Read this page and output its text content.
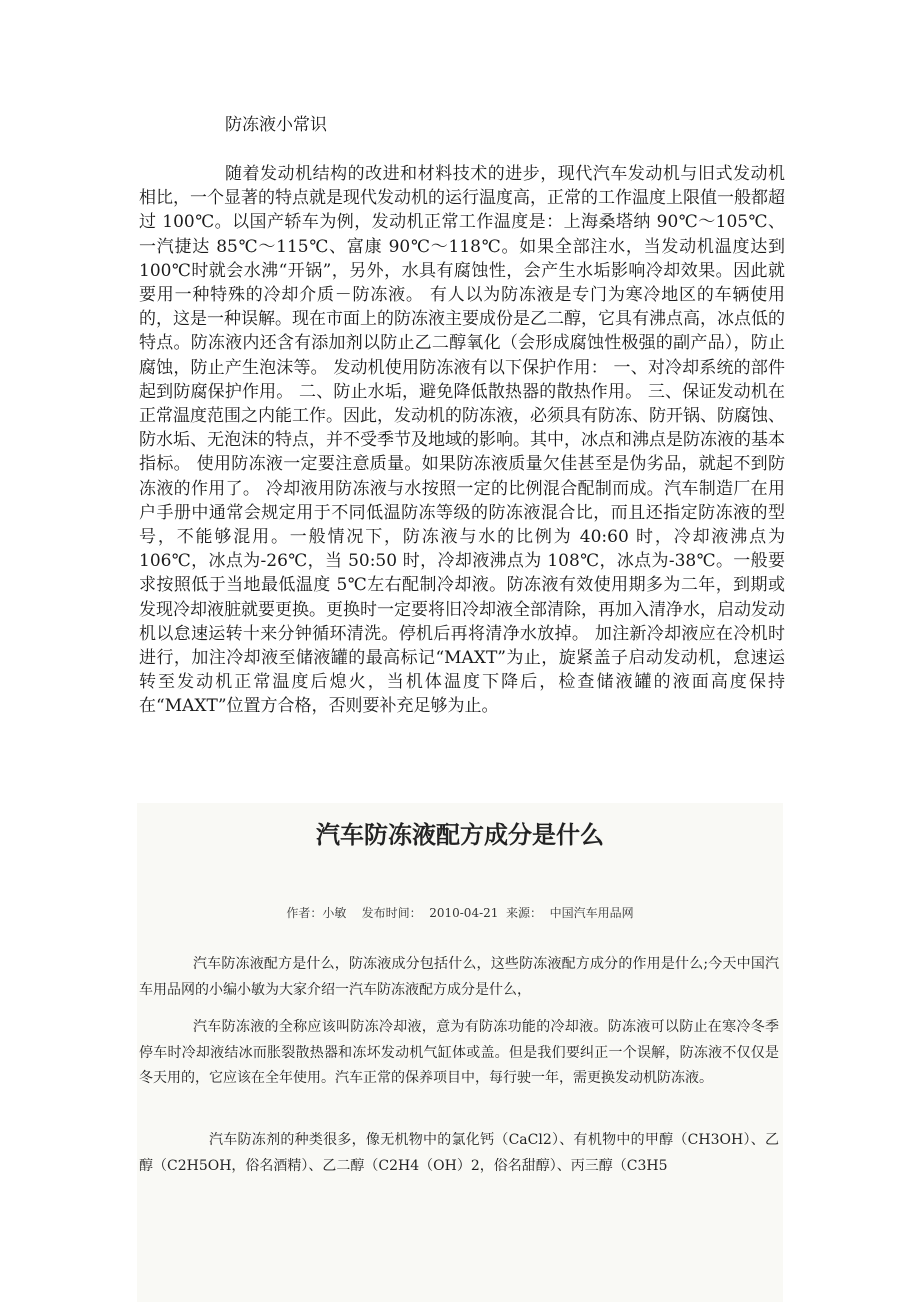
防冻液小常识

随着发动机结构的改进和材料技术的进步，现代汽车发动机与旧式发动机相比，一个显著的特点就是现代发动机的运行温度高，正常的工作温度上限值一般都超过 100℃。以国产轿车为例，发动机正常工作温度是：上海桑塔纳 90℃～105℃、一汽捷达 85℃～115℃、富康 90℃～118℃。如果全部注水，当发动机温度达到 100℃时就会水沸“开锅”，另外，水具有腐蚀性，会产生水垢影响冷却效果。因此就要用一种特殊的冷却介质－防冻液。 有人以为防冻液是专门为寒冷地区的车辆使用的，这是一种误解。现在市面上的防冻液主要成份是乙二醇，它具有沸点高，冰点低的特点。防冻液内还含有添加剂以防止乙二醇氧化（会形成腐蚀性极强的副产品），防止腐蚀，防止产生泡沫等。 发动机使用防冻液有以下保护作用： 一、对冷却系统的部件起到防腐保护作用。 二、防止水垢，避免降低散热器的散热作用。 三、保证发动机在正常温度范围之内能工作。因此，发动机的防冻液，必须具有防冻、防开锅、防腐蚀、防水垢、无泡沫的特点，并不受季节及地域的影响。其中，冰点和沸点是防冻液的基本指标。 使用防冻液一定要注意质量。如果防冻液质量欠佳甚至是伪劣品，就起不到防冻液的作用了。 冷却液用防冻液与水按照一定的比例混合配制而成。汽车制造厂在用户手册中通常会规定用于不同低温防冻等级的防冻液混合比，而且还指定防冻液的型号，不能够混用。一般情况下，防冻液与水的比例为 40:60 时，冷却液沸点为 106℃，冰点为-26℃，当 50:50 时，冷却液沸点为 108℃，冰点为-38℃。一般要求按照低于当地最低温度 5℃左右配制冷却液。防冻液有效使用期多为二年，到期或发现冷却液脏就要更换。更换时一定要将旧冷却液全部清除，再加入清净水，启动发动机以怠速运转十来分钟循环清洗。停机后再将清净水放掉。 加注新冷却液应在冷机时进行，加注冷却液至储液罐的最高标记“MAXT”为止，旋紧盖子启动发动机，怠速运转至发动机正常温度后熄火，当机体温度下降后，检查储液罐的液面高度保持在“MAXT”位置方合格，否则要补充足够为止。

汽车防冻液配方成分是什么
作者：小敏    发布时间：  2010-04-21  来源：  中国汽车用品网

汽车防冻液配方是什么，防冻液成分包括什么，这些防冻液配方成分的作用是什么;今天中国汽车用品网的小编小敏为大家介绍一汽车防冻液配方成分是什么，

汽车防冻液的全称应该叫防冻冷却液，意为有防冻功能的冷却液。防冻液可以防止在寒冷冬季停车时冷却液结冰而胀裂散热器和冻坏发动机气缸体或盖。但是我们要纠正一个误解，防冻液不仅仅是冬天用的，它应该在全年使用。汽车正常的保养项目中，每行驶一年，需更换发动机防冻液。

汽车防冻剂的种类很多，像无机物中的氯化钙（CaCl2）、有机物中的甲醇（CH3OH）、乙醇（C2H5OH，俗名酒精）、乙二醇（C2H4（OH）2，俗名甜醇）、丙三醇（C3H5
